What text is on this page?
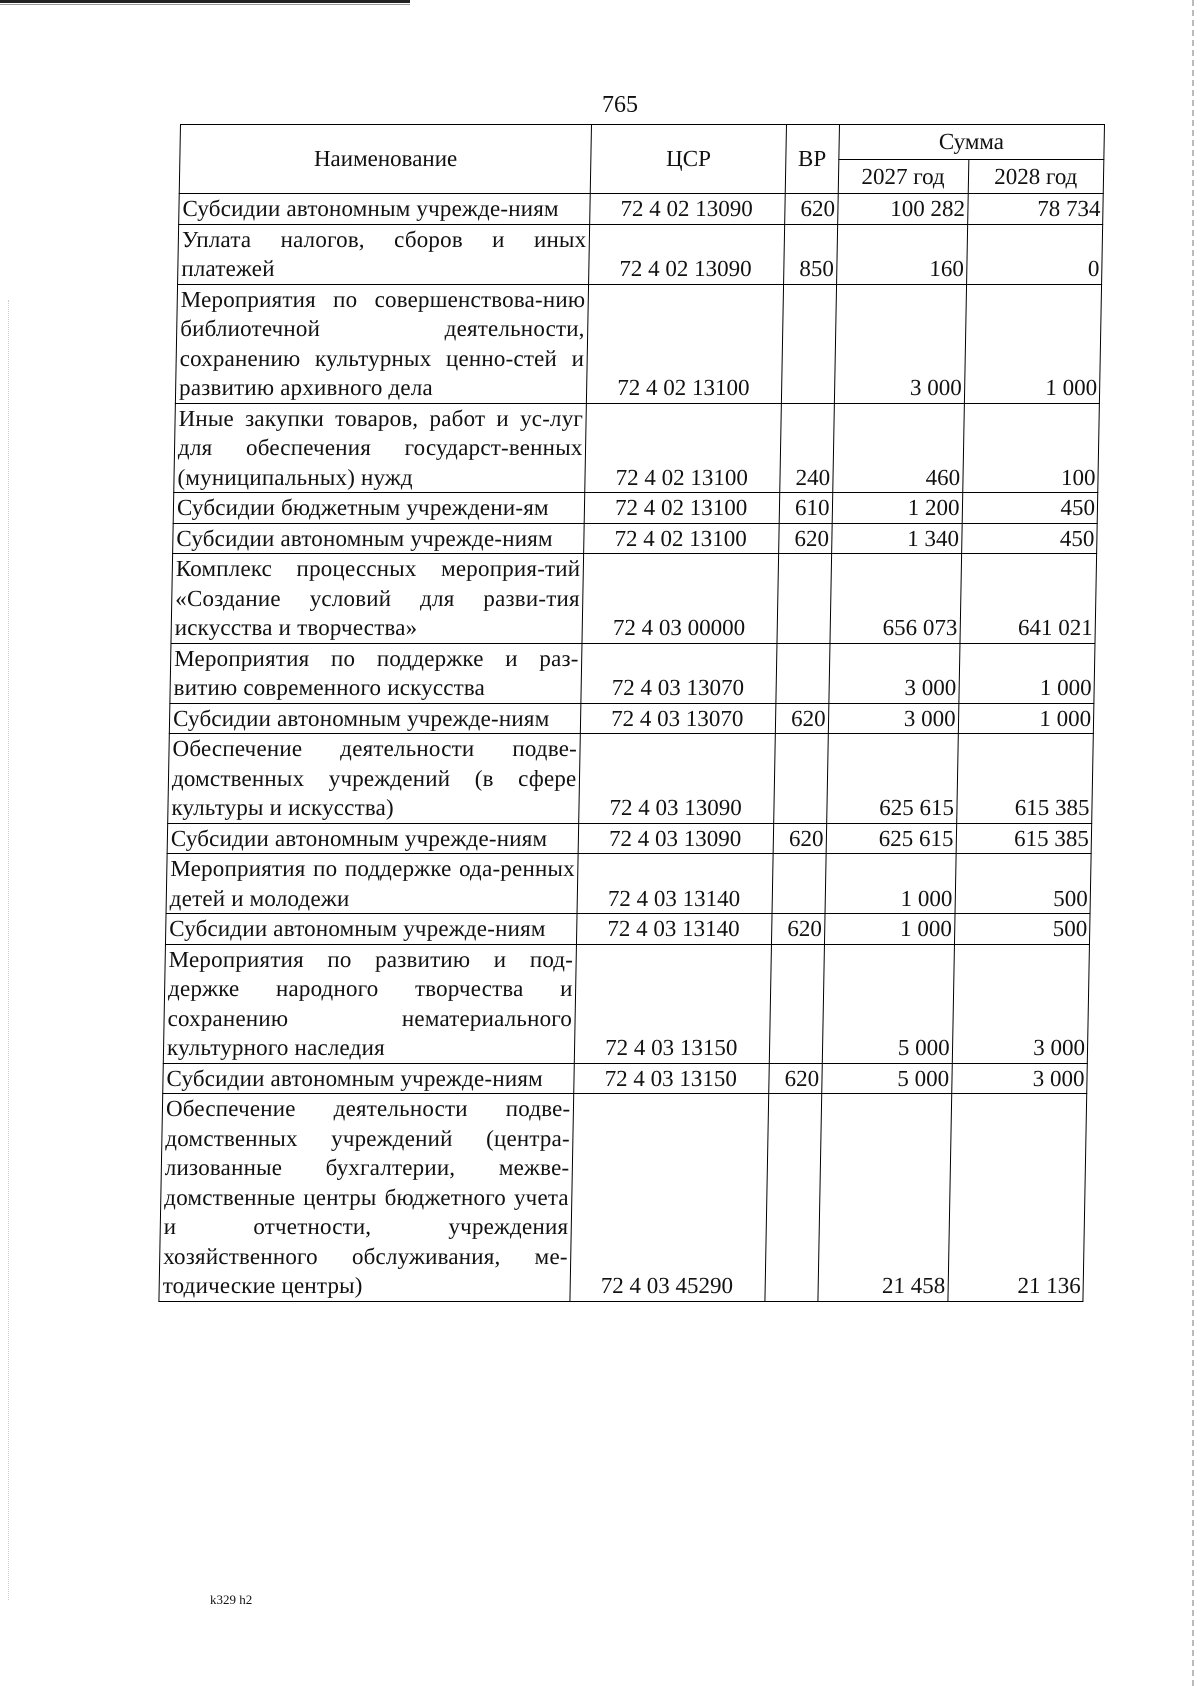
765
Наименование	ЦСР	ВР	Сумма	
			2027 год	2028 год
Субсидии автономным учрежде-ниям	72 4 02 13090	620	100 282	78 734
Уплата налогов, сборов и иных платежей	72 4 02 13090	850	160	0
Мероприятия по совершенствова-нию библиотечной деятельности, сохранению культурных ценно-стей и развитию архивного дела	72 4 02 13100		3 000	1 000
Иные закупки товаров, работ и ус-луг для обеспечения государст-венных (муниципальных) нужд	72 4 02 13100	240	460	100
Субсидии бюджетным учреждени-ям	72 4 02 13100	610	1 200	450
Субсидии автономным учрежде-ниям	72 4 02 13100	620	1 340	450
Комплекс процессных мероприя-тий «Создание условий для разви-тия искусства и творчества»	72 4 03 00000		656 073	641 021
Мероприятия по поддержке и раз-витию современного искусства	72 4 03 13070		3 000	1 000
Субсидии автономным учрежде-ниям	72 4 03 13070	620	3 000	1 000
Обеспечение деятельности подве-домственных учреждений (в сфере культуры и искусства)	72 4 03 13090		625 615	615 385
Субсидии автономным учрежде-ниям	72 4 03 13090	620	625 615	615 385
Мероприятия по поддержке ода-ренных детей и молодежи	72 4 03 13140		1 000	500
Субсидии автономным учрежде-ниям	72 4 03 13140	620	1 000	500
Мероприятия по развитию и под-держке народного творчества и сохранению нематериального культурного наследия	72 4 03 13150		5 000	3 000
Субсидии автономным учрежде-ниям	72 4 03 13150	620	5 000	3 000
Обеспечение деятельности подве-домственных учреждений (центра-лизованные бухгалтерии, межве-домственные центры бюджетного учета и отчетности, учреждения хозяйственного обслуживания, ме-тодические центры)	72 4 03 45290		21 458	21 136
k329 h2
